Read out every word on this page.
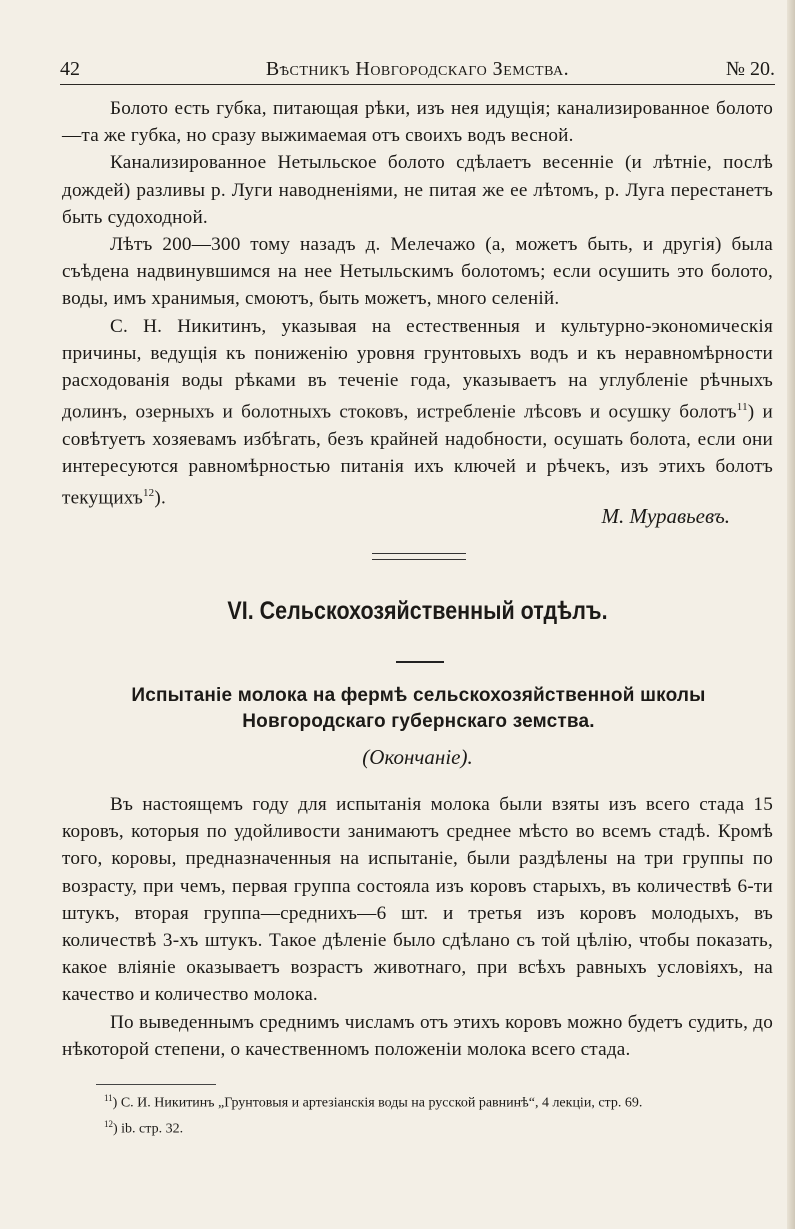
42	Вѣстникъ Новгородскаго Земства.	№ 20.

Болото есть губка, питающая рѣки, изъ нея идущія; канализированное болото—та же губка, но сразу выжимаемая отъ своихъ водъ весной.

Канализированное Нетыльское болото сдѣлаетъ весенніе (и лѣтніе, послѣ дождей) разливы р. Луги наводненіями, не питая же ее лѣтомъ, р. Луга перестанетъ быть судоходной.

Лѣтъ 200—300 тому назадъ д. Мелечажо (а, можетъ быть, и другія) была съѣдена надвинувшимся на нее Нетыльскимъ болотомъ; если осушить это болото, воды, имъ хранимыя, смоютъ, быть можетъ, много селеній.

С. Н. Никитинъ, указывая на естественныя и культурно-экономическія причины, ведущія къ пониженію уровня грунтовыхъ водъ и къ неравномѣрности расходованія воды рѣками въ теченіе года, указываетъ на углубленіе рѣчныхъ долинъ, озерныхъ и болотныхъ стоковъ, истребленіе лѣсовъ и осушку болотъ$^{11}$) и совѣтуетъ хозяевамъ избѣгать, безъ крайней надобности, осушать болота, если они интересуются равномѣрностью питанія ихъ ключей и рѣчекъ, изъ этихъ болотъ текущихъ$^{12}$).

М. Муравьевъ.
VI. Сельскохозяйственный отдѣлъ.
Испытаніе молока на фермѣ сельскохозяйственной школы Новгородскаго губернскаго земства.
(Окончаніе).

Въ настоящемъ году для испытанія молока были взяты изъ всего стада 15 коровъ, которыя по удойливости занимаютъ среднее мѣсто во всемъ стадѣ. Кромѣ того, коровы, предназначенныя на испытаніе, были раздѣлены на три группы по возрасту, при чемъ, первая группа состояла изъ коровъ старыхъ, въ количествѣ 6-ти штукъ, вторая группа—среднихъ—6 шт. и третья изъ коровъ молодыхъ, въ количествѣ 3-хъ штукъ. Такое дѣленіе было сдѣлано съ той цѣлію, чтобы показать, какое вліяніе оказываетъ возрастъ животнаго, при всѣхъ равныхъ условіяхъ, на качество и количество молока.

По выведеннымъ среднимъ числамъ отъ этихъ коровъ можно будетъ судить, до нѣкоторой степени, о качественномъ положеніи молока всего стада.

$^{11}$) С. И. Никитинъ „Грунтовыя и артезіанскія воды на русской равнинѣ“, 4 лекціи, стр. 69.
$^{12}$) ib. стр. 32.
